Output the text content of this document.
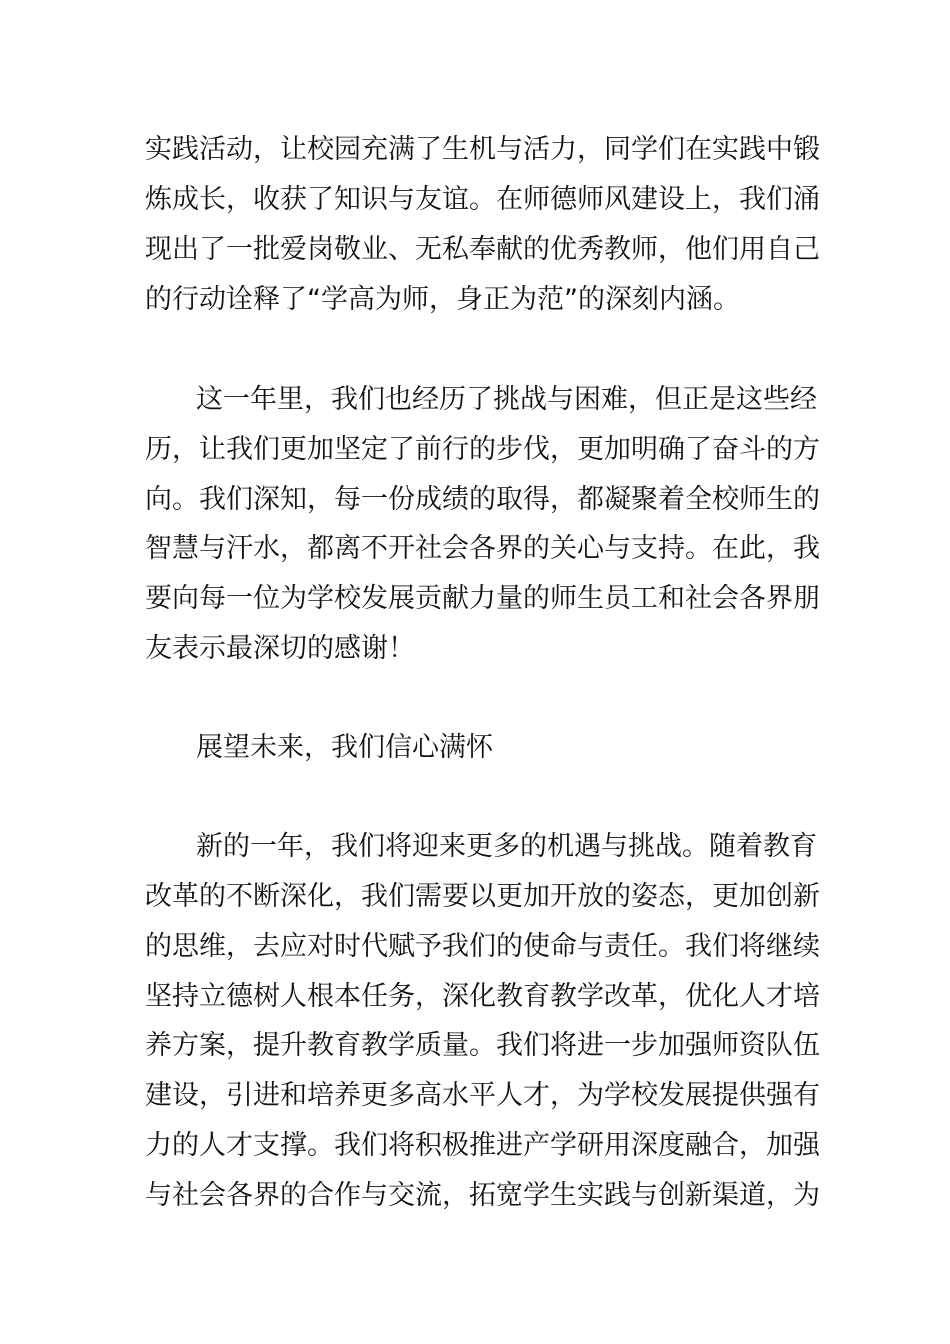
实践活动，让校园充满了生机与活力，同学们在实践中锻
炼成长，收获了知识与友谊。在师德师风建设上，我们涌
现出了一批爱岗敬业、无私奉献的优秀教师，他们用自己
的行动诠释了“学高为师，身正为范”的深刻内涵。
这一年里，我们也经历了挑战与困难，但正是这些经
历，让我们更加坚定了前行的步伐，更加明确了奋斗的方
向。我们深知，每一份成绩的取得，都凝聚着全校师生的
智慧与汗水，都离不开社会各界的关心与支持。在此，我
要向每一位为学校发展贡献力量的师生员工和社会各界朋
友表示最深切的感谢！
展望未来，我们信心满怀
新的一年，我们将迎来更多的机遇与挑战。随着教育
改革的不断深化，我们需要以更加开放的姿态，更加创新
的思维，去应对时代赋予我们的使命与责任。我们将继续
坚持立德树人根本任务，深化教育教学改革，优化人才培
养方案，提升教育教学质量。我们将进一步加强师资队伍
建设，引进和培养更多高水平人才，为学校发展提供强有
力的人才支撑。我们将积极推进产学研用深度融合，加强
与社会各界的合作与交流，拓宽学生实践与创新渠道，为
